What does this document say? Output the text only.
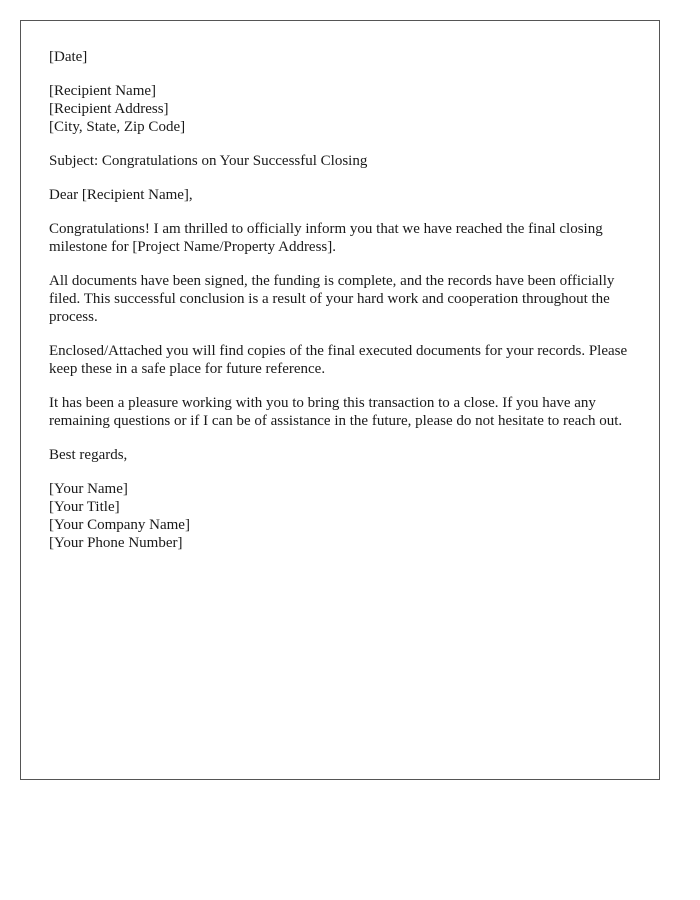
[Date]
[Recipient Name]
[Recipient Address]
[City, State, Zip Code]
Subject: Congratulations on Your Successful Closing
Dear [Recipient Name],

Congratulations! I am thrilled to officially inform you that we have reached the final closing milestone for [Project Name/Property Address].

All documents have been signed, the funding is complete, and the records have been officially filed. This successful conclusion is a result of your hard work and cooperation throughout the process.

Enclosed/Attached you will find copies of the final executed documents for your records. Please keep these in a safe place for future reference.

It has been a pleasure working with you to bring this transaction to a close. If you have any remaining questions or if I can be of assistance in the future, please do not hesitate to reach out.

Best regards,
[Your Name]
[Your Title]
[Your Company Name]
[Your Phone Number]
